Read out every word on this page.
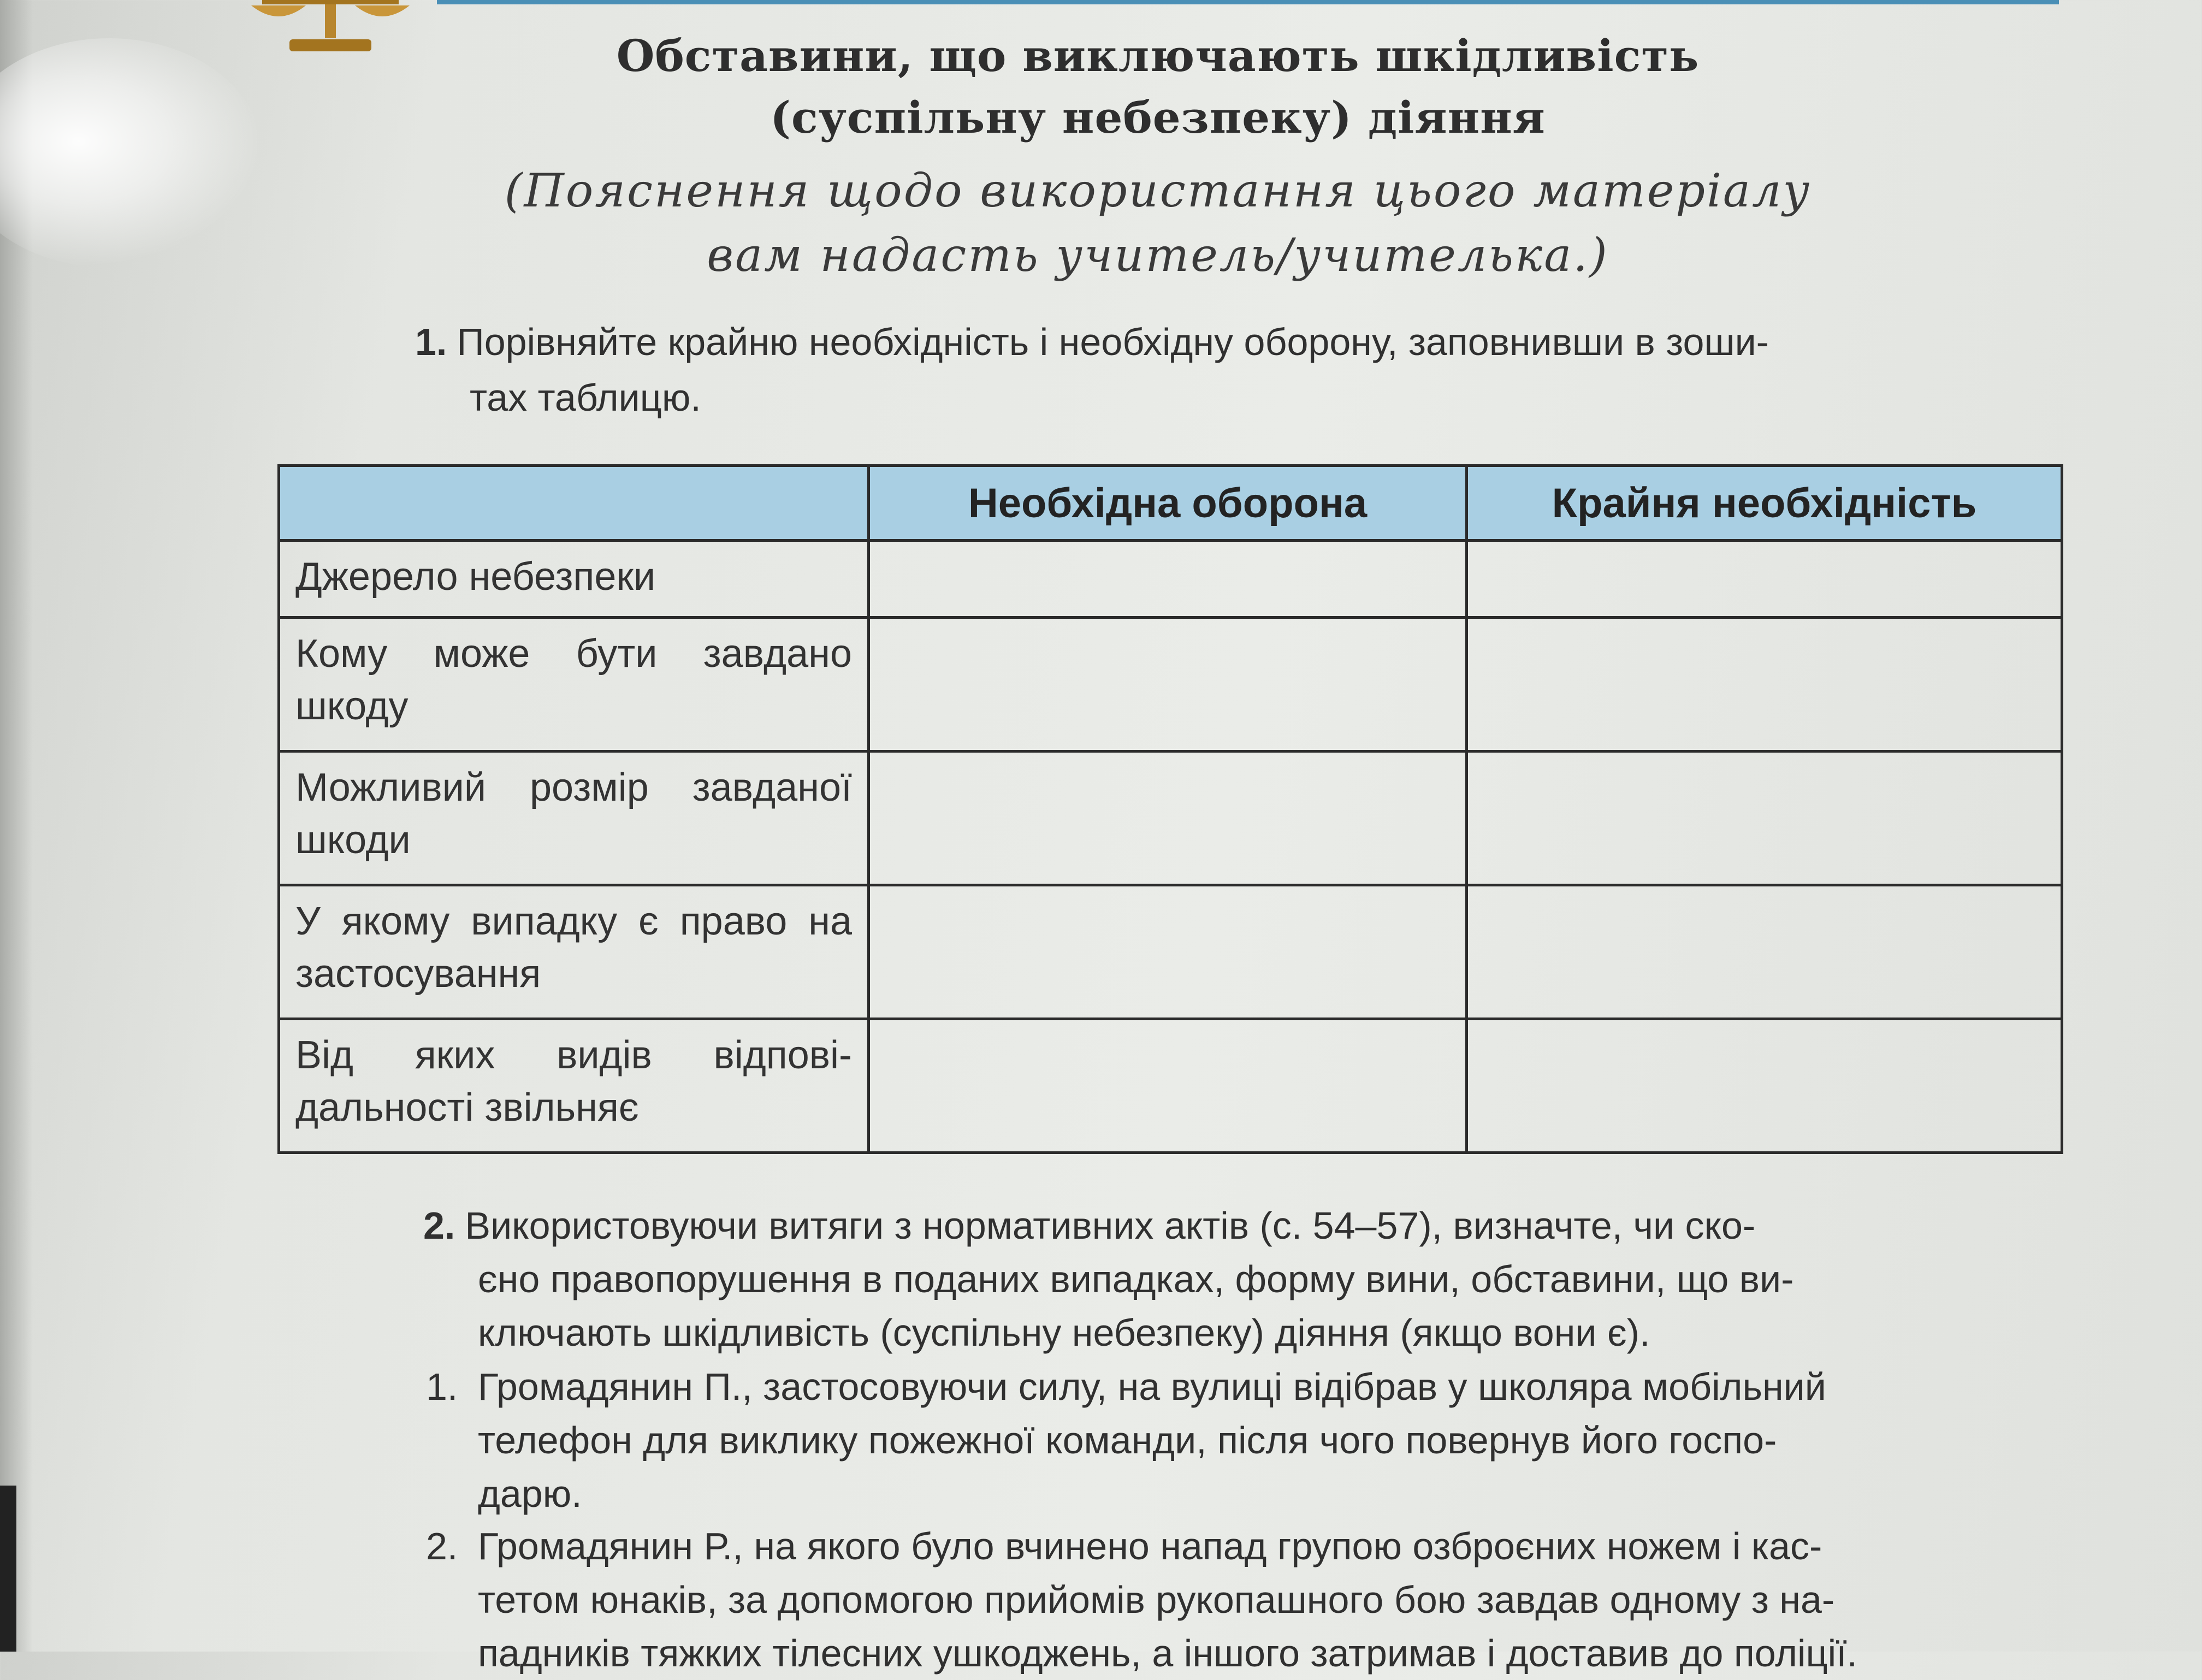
Обставини, що виключають шкідливість
(суспільну небезпеку) діяння
(Пояснення щодо використання цього матеріалу
вам надасть учитель/учителька.)
1. Порівняйте крайню необхідність і необхідну оборону, заповнивши в зоши-
тах таблицю.
	Необхідна оборона	Крайня необхідність
Джерело небезпеки		
Кому може бути завдано шкоду		
Можливий розмір завданої шкоди		
У якому випадку є право на застосування		
Від яких видів відповідальності звільняє		
2. Використовуючи витяги з нормативних актів (с. 54–57), визначте, чи ско-
єно правопорушення в поданих випадках, форму вини, обставини, що ви-
ключають шкідливість (суспільну небезпеку) діяння (якщо вони є).
1. Громадянин П., застосовуючи силу, на вулиці відібрав у школяра мобільний
телефон для виклику пожежної команди, після чого повернув його госпо-
дарю.
2. Громадянин Р., на якого було вчинено напад групою озброєних ножем і кас-
тетом юнаків, за допомогою прийомів рукопашного бою завдав одному з на-
падників тяжких тілесних ушкоджень, а іншого затримав і доставив до поліції.
